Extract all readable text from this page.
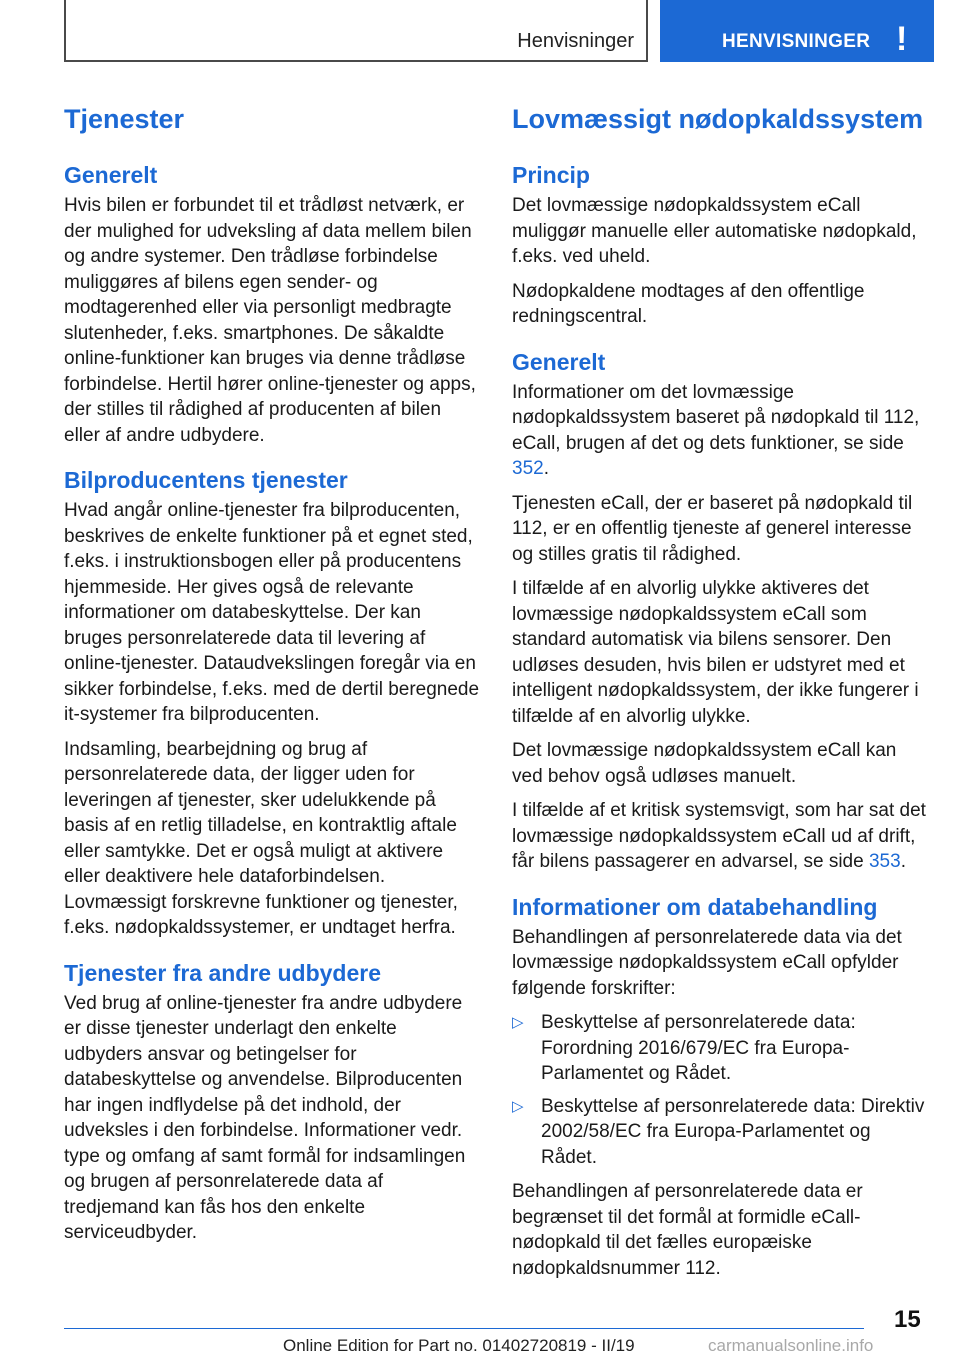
Henvisninger	HENVISNINGER !
Tjenester
Generelt

Hvis bilen er forbundet til et trådløst netværk, er der mulighed for udveksling af data mellem bilen og andre systemer. Den trådløse forbindelse muliggøres af bilens egen sender- og modtagerenhed eller via personligt medbragte slutenheder, f.eks. smartphones. De såkaldte online-funktioner kan bruges via denne trådløse forbindelse. Hertil hører online-tjenester og apps, der stilles til rådighed af producenten af bilen eller af andre udbydere.

Bilproducentens tjenester

Hvad angår online-tjenester fra bilproducenten, beskrives de enkelte funktioner på et egnet sted, f.eks. i instruktionsbogen eller på producentens hjemmeside. Her gives også de relevante informationer om databeskyttelse. Der kan bruges personrelaterede data til levering af online-tjenester. Dataudvekslingen foregår via en sikker forbindelse, f.eks. med de dertil beregnede it-systemer fra bilproducenten.

Indsamling, bearbejdning og brug af personrelaterede data, der ligger uden for leveringen af tjenester, sker udelukkende på basis af en retlig tilladelse, en kontraktlig aftale eller samtykke. Det er også muligt at aktivere eller deaktivere hele dataforbindelsen. Lovmæssigt forskrevne funktioner og tjenester, f.eks. nødopkaldssystemer, er undtaget herfra.

Tjenester fra andre udbydere

Ved brug af online-tjenester fra andre udbydere er disse tjenester underlagt den enkelte udbyders ansvar og betingelser for databeskyttelse og anvendelse. Bilproducenten har ingen indflydelse på det indhold, der udveksles i den forbindelse. Informationer vedr. type og omfang af samt formål for indsamlingen og brugen af personrelaterede data af tredjemand kan fås hos den enkelte serviceudbyder.

Lovmæssigt nødopkaldssystem
Princip

Det lovmæssige nødopkaldssystem eCall muliggør manuelle eller automatiske nødopkald, f.eks. ved uheld.

Nødopkaldene modtages af den offentlige redningscentral.

Generelt

Informationer om det lovmæssige nødopkaldssystem baseret på nødopkald til 112, eCall, brugen af det og dets funktioner, se side 352.

Tjenesten eCall, der er baseret på nødopkald til 112, er en offentlig tjeneste af generel interesse og stilles gratis til rådighed.

I tilfælde af en alvorlig ulykke aktiveres det lovmæssige nødopkaldssystem eCall som standard automatisk via bilens sensorer. Den udløses desuden, hvis bilen er udstyret med et intelligent nødopkaldssystem, der ikke fungerer i tilfælde af en alvorlig ulykke.

Det lovmæssige nødopkaldssystem eCall kan ved behov også udløses manuelt.

I tilfælde af et kritisk systemsvigt, som har sat det lovmæssige nødopkaldssystem eCall ud af drift, får bilens passagerer en advarsel, se side 353.

Informationer om databehandling

Behandlingen af personrelaterede data via det lovmæssige nødopkaldssystem eCall opfylder følgende forskrifter:

▷ Beskyttelse af personrelaterede data: Forordning 2016/679/EC fra Europa-Parlamentet og Rådet.
▷ Beskyttelse af personrelaterede data: Direktiv 2002/58/EC fra Europa-Parlamentet og Rådet.

Behandlingen af personrelaterede data er begrænset til det formål at formidle eCall-nødopkald til det fælles europæiske nødopkaldsnummer 112.

15
Online Edition for Part no. 01402720819 - II/19	carmanualsonline.info
